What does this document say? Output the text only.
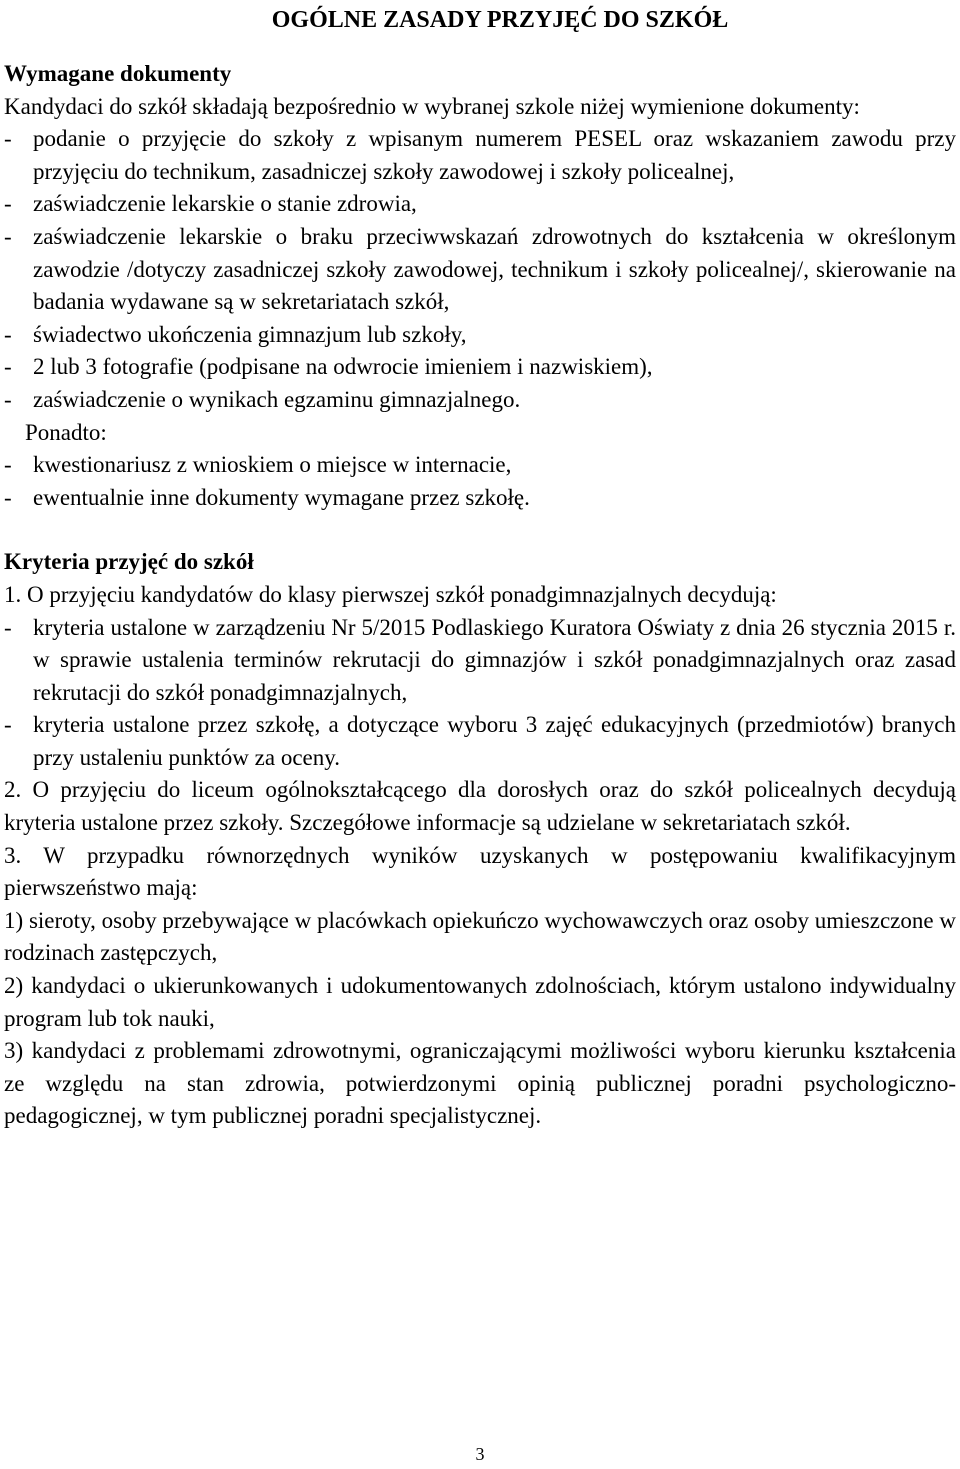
OGÓLNE ZASADY PRZYJĘĆ DO SZKÓŁ
Wymagane dokumenty

Kandydaci do szkół składają bezpośrednio w wybranej szkole niżej wymienione dokumenty:

- podanie o przyjęcie do szkoły z wpisanym numerem PESEL oraz wskazaniem zawodu przy przyjęciu do technikum, zasadniczej szkoły zawodowej i szkoły policealnej,
- zaświadczenie lekarskie o stanie zdrowia,
- zaświadczenie lekarskie o braku przeciwwskazań zdrowotnych do kształcenia w określonym zawodzie /dotyczy zasadniczej szkoły zawodowej, technikum i szkoły policealnej/, skierowanie na badania wydawane są w sekretariatach szkół,
- świadectwo ukończenia gimnazjum lub szkoły,
- 2 lub 3 fotografie (podpisane na odwrocie imieniem i nazwiskiem),
- zaświadczenie o wynikach egzaminu gimnazjalnego.

Ponadto:

- kwestionariusz z wnioskiem o miejsce w internacie,
- ewentualnie inne dokumenty wymagane przez szkołę.
Kryteria przyjęć do szkół

1. O przyjęciu kandydatów do klasy pierwszej szkół ponadgimnazjalnych decydują:

- kryteria ustalone w zarządzeniu Nr 5/2015 Podlaskiego Kuratora Oświaty z dnia 26 stycznia 2015 r. w sprawie ustalenia terminów rekrutacji do gimnazjów i szkół ponadgimnazjalnych oraz zasad rekrutacji do szkół ponadgimnazjalnych,
- kryteria ustalone przez szkołę, a dotyczące wyboru 3 zajęć edukacyjnych (przedmiotów) branych przy ustaleniu punktów za oceny.

2. O przyjęciu do liceum ogólnokształcącego dla dorosłych oraz do szkół policealnych decydują kryteria ustalone przez szkoły. Szczegółowe informacje są udzielane w sekretariatach szkół.

3. W przypadku równorzędnych wyników uzyskanych w postępowaniu kwalifikacyjnym pierwszeństwo mają:

1) sieroty, osoby przebywające w placówkach opiekuńczo wychowawczych oraz osoby umieszczone w rodzinach zastępczych,

2) kandydaci o ukierunkowanych i udokumentowanych zdolnościach, którym ustalono indywidualny program lub tok nauki,

3) kandydaci z problemami zdrowotnymi, ograniczającymi możliwości wyboru kierunku kształcenia ze względu na stan zdrowia, potwierdzonymi opinią publicznej poradni psychologiczno-pedagogicznej, w tym publicznej poradni specjalistycznej.

3
